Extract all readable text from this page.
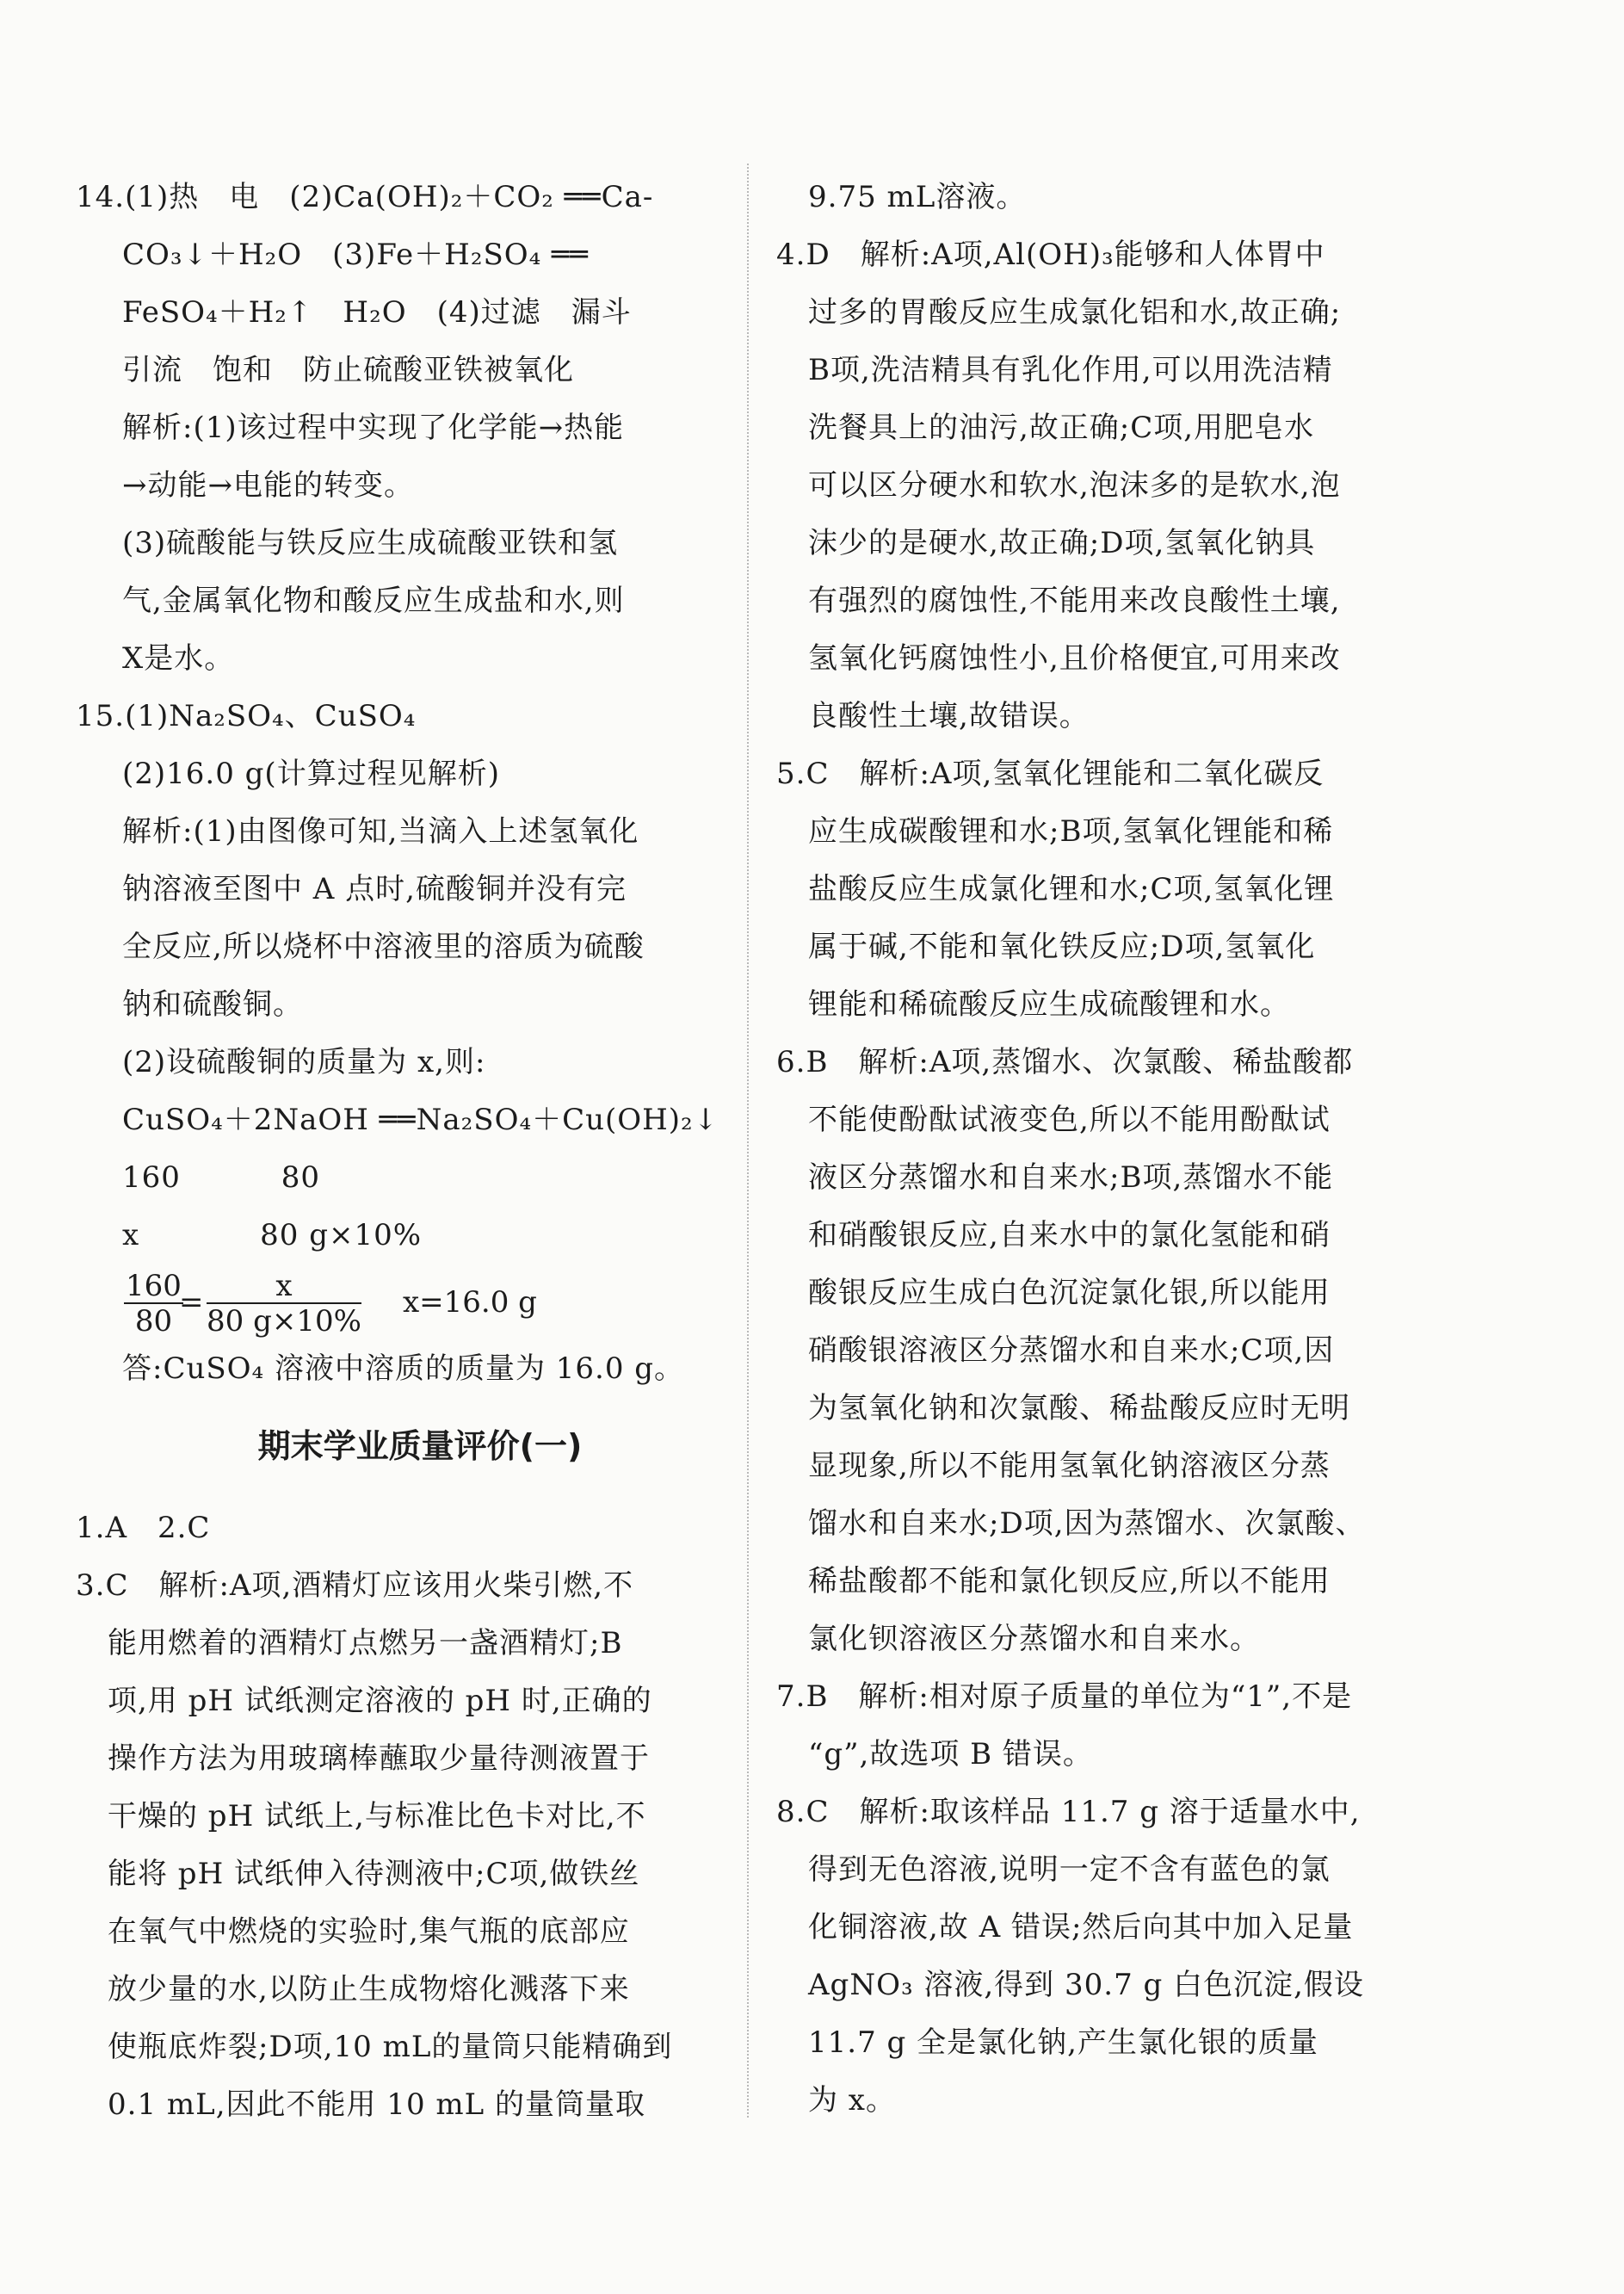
14.(1)热　电　(2)Ca(OH)₂＋CO₂ ══Ca-
CO₃↓＋H₂O　(3)Fe＋H₂SO₄ ══
FeSO₄＋H₂↑　H₂O　(4)过滤　漏斗
引流　饱和　防止硫酸亚铁被氧化
解析:(1)该过程中实现了化学能→热能
→动能→电能的转变。
(3)硫酸能与铁反应生成硫酸亚铁和氢
气,金属氧化物和酸反应生成盐和水,则
X是水。
15.(1)Na₂SO₄、CuSO₄
(2)16.0 g(计算过程见解析)
解析:(1)由图像可知,当滴入上述氢氧化
钠溶液至图中 A 点时,硫酸铜并没有完
全反应,所以烧杯中溶液里的溶质为硫酸
钠和硫酸铜。
(2)设硫酸铜的质量为 x,则:
CuSO₄＋2NaOH ══Na₂SO₄＋Cu(OH)₂↓
160　　　 80
x　　　　80 g×10%
$\frac{160}{80}$
= $\frac{x}{80 g\times 10\%} x=16.0$ g
答:CuSO₄ 溶液中溶质的质量为 16.0 g。
期末学业质量评价(一)
1.A　2.C
3.C　解析:A项,酒精灯应该用火柴引燃,不
能用燃着的酒精灯点燃另一盏酒精灯;B
项,用 pH 试纸测定溶液的 pH 时,正确的
操作方法为用玻璃棒蘸取少量待测液置于
干燥的 pH 试纸上,与标准比色卡对比,不
能将 pH 试纸伸入待测液中;C项,做铁丝
在氧气中燃烧的实验时,集气瓶的底部应
放少量的水,以防止生成物熔化溅落下来
使瓶底炸裂;D项,10 mL的量筒只能精确到
0.1 mL,因此不能用 10 mL 的量筒量取
9.75 mL溶液。
4.D　解析:A项,Al(OH)₃能够和人体胃中
过多的胃酸反应生成氯化铝和水,故正确;
B项,洗洁精具有乳化作用,可以用洗洁精
洗餐具上的油污,故正确;C项,用肥皂水
可以区分硬水和软水,泡沫多的是软水,泡
沫少的是硬水,故正确;D项,氢氧化钠具
有强烈的腐蚀性,不能用来改良酸性土壤,
氢氧化钙腐蚀性小,且价格便宜,可用来改
良酸性土壤,故错误。
5.C　解析:A项,氢氧化锂能和二氧化碳反
应生成碳酸锂和水;B项,氢氧化锂能和稀
盐酸反应生成氯化锂和水;C项,氢氧化锂
属于碱,不能和氧化铁反应;D项,氢氧化
锂能和稀硫酸反应生成硫酸锂和水。
6.B　解析:A项,蒸馏水、次氯酸、稀盐酸都
不能使酚酞试液变色,所以不能用酚酞试
液区分蒸馏水和自来水;B项,蒸馏水不能
和硝酸银反应,自来水中的氯化氢能和硝
酸银反应生成白色沉淀氯化银,所以能用
硝酸银溶液区分蒸馏水和自来水;C项,因
为氢氧化钠和次氯酸、稀盐酸反应时无明
显现象,所以不能用氢氧化钠溶液区分蒸
馏水和自来水;D项,因为蒸馏水、次氯酸、
稀盐酸都不能和氯化钡反应,所以不能用
氯化钡溶液区分蒸馏水和自来水。
7.B　解析:相对原子质量的单位为“1”,不是
“g”,故选项 B 错误。
8.C　解析:取该样品 11.7 g 溶于适量水中,
得到无色溶液,说明一定不含有蓝色的氯
化铜溶液,故 A 错误;然后向其中加入足量
AgNO₃ 溶液,得到 30.7 g 白色沉淀,假设
11.7 g 全是氯化钠,产生氯化银的质量
为 x。
